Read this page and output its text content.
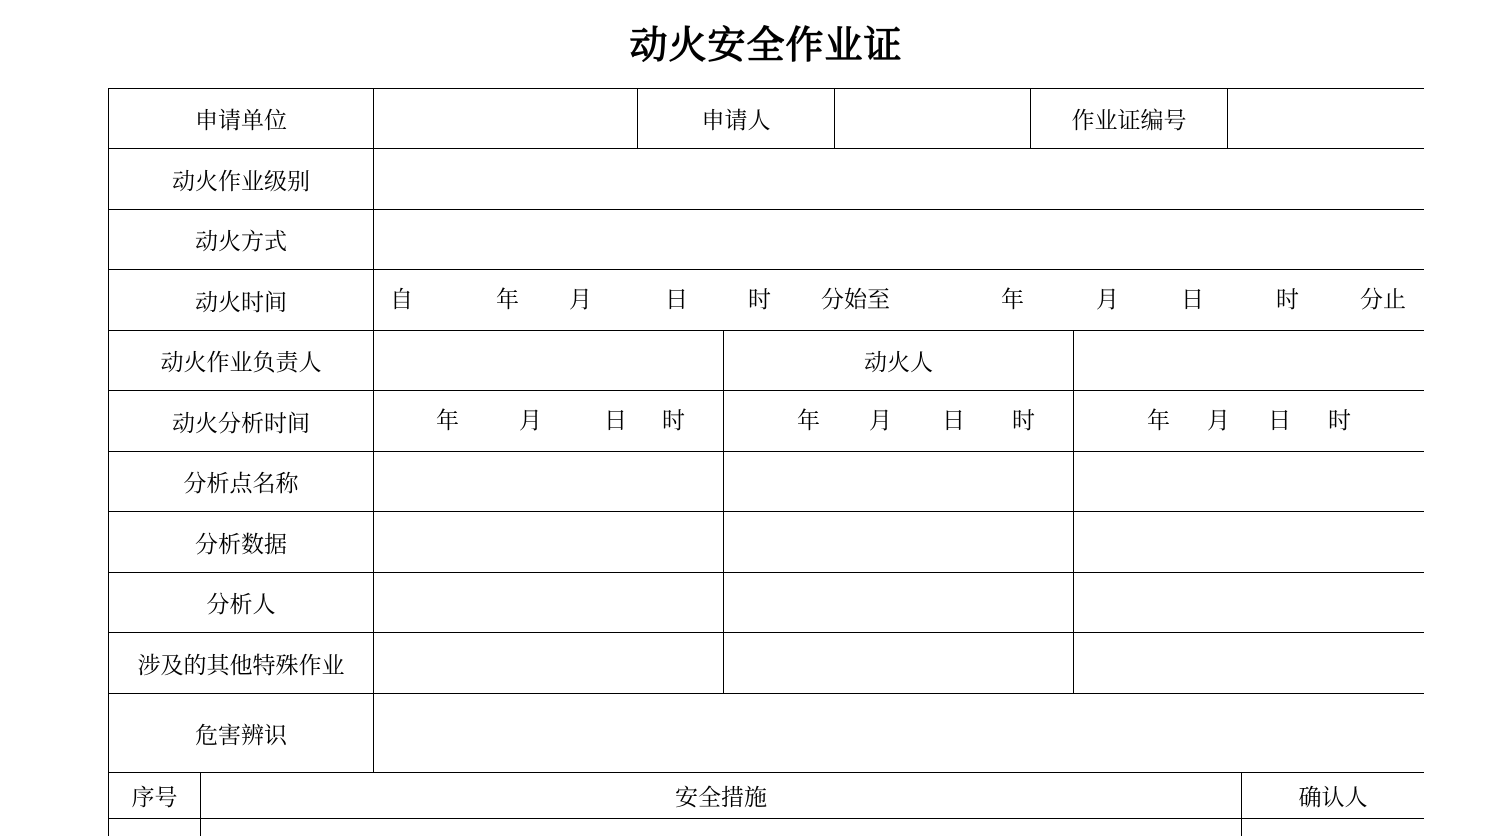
动火安全作业证
申请单位	申请人	作业证编号
动火作业级别
动火方式
动火时间	自	年 月	日	时 分始至	年	月	日	时	分止
动火作业负责人	动火人
动火分析时间	年	月	日 时	年 月 日 时	年 月 日 时
分析点名称
分析数据
分析人
涉及的其他特殊作业
危害辨识
序号	安全措施	确认人
